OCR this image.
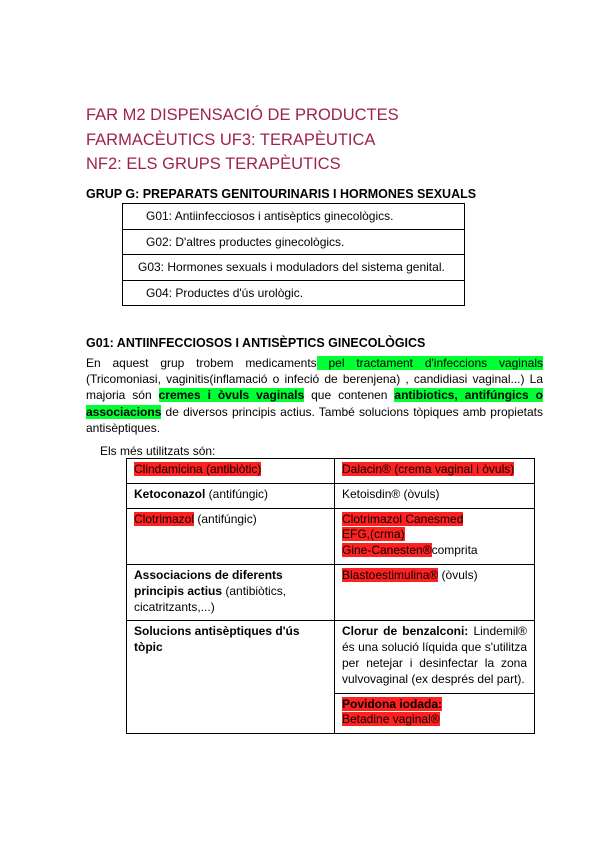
FAR M2 DISPENSACIÓ DE PRODUCTES
FARMACÈUTICS UF3: TERAPÈUTICA
NF2: ELS GRUPS TERAPÈUTICS
GRUP G: PREPARATS GENITOURINARIS I HORMONES SEXUALS
G01: Antiinfecciosos i antisèptics ginecològics.
G02: D'altres productes ginecològics.
G03: Hormones sexuals i moduladors del sistema genital.
G04: Productes d'ús urològic.
G01: ANTIINFECCIOSOS I ANTISÈPTICS GINECOLÒGICS
En aquest grup trobem medicaments pel tractament d'infeccions vaginals (Tricomoniasi, vaginitis(inflamació o infeció de berenjena) , candidiasi vaginal...) La majoria són cremes i òvuls vaginals que contenen antibiotics, antifúngics o associacions de diversos principis actius. També solucions tòpiques amb propietats antisèptiques.
Els més utilitzats són:
Clindamicina (antibiòtic)	Dalacin® (crema vaginal i òvuls)
Ketoconazol (antifúngic)	Ketoisdin® (òvuls)
Clotrimazol (antifúngic)	Clotrimazol Canesmed
EFG,(crma)
Gine-Canesten®comprita

Associacions de diferents principis actius (antibiòtics, cicatritzants,...)	Blastoestimulina® (òvuls)
Solucions antisèptiques d'ús tòpic	Clorur de benzalconi: Lindemil® és una solució líquida que s'utilitza per netejar i desinfectar la zona vulvovaginal (ex després del part).

	Povidona iodada:
Betadine vaginal®
